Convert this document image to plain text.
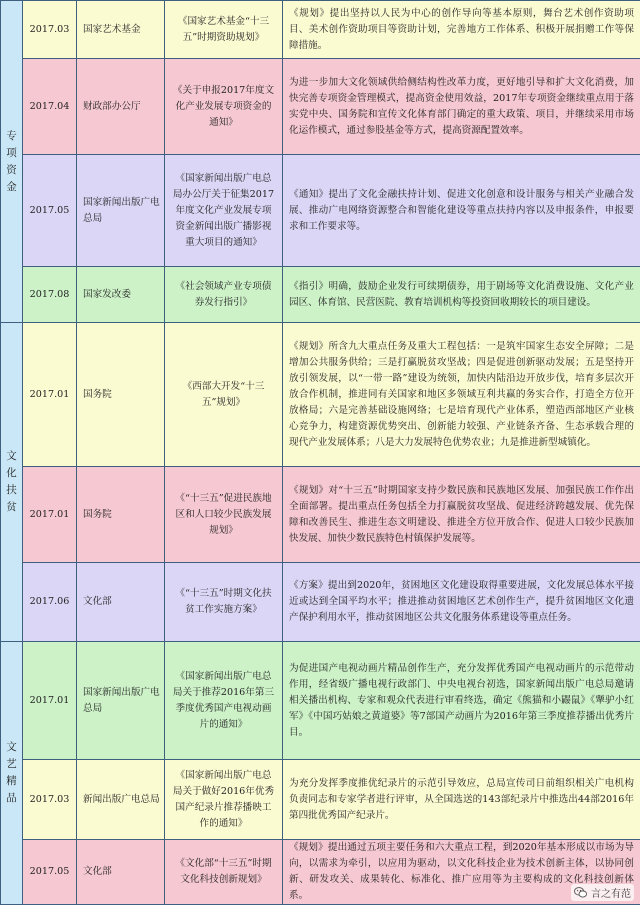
专项资金	2017.03	国家艺术基金	《国家艺术基金“十三五”时期资助规划》	《规划》提出坚持以人民为中心的创作导向等基本原则，舞台艺术创作资助项目、美术创作资助项目等资助计划，完善地方工作体系、积极开展捐赠工作等保障措施。
	2017.04	财政部办公厅	《关于申报2017年度文化产业发展专项资金的通知》	为进一步加大文化领域供给侧结构性改革力度，更好地引导和扩大文化消费，加快完善专项资金管理模式，提高资金使用效益，2017年专项资金继续重点用于落实党中央、国务院和宣传文化体育部门确定的重大政策、项目，并继续采用市场化运作模式，通过参股基金等方式，提高资源配置效率。
	2017.05	国家新闻出版广电总局	《国家新闻出版广电总局办公厅关于征集2017年度文化产业发展专项资金新闻出版广播影视重大项目的通知》	《通知》提出了文化金融扶持计划、促进文化创意和设计服务与相关产业融合发展、推动广电网络资源整合和智能化建设等重点扶持内容以及申报条件，申报要求和工作要求等。
	2017.08	国家发改委	《社会领域产业专项债券发行指引》	《指引》明确，鼓励企业发行可续期债券，用于剧场等文化消费设施、文化产业园区、体育馆、民营医院、教育培训机构等投资回收期较长的项目建设。
文化扶贫	2017.01	国务院	《西部大开发“十三五”规划》	《规划》所含九大重点任务及重大工程包括：一是筑牢国家生态安全屏障；二是增加公共服务供给；三是打赢脱贫攻坚战；四是促进创新驱动发展；五是坚持开放引领发展，以“一带一路”建设为统领，加快内陆沿边开放步伐，培育多层次开放合作机制，推进同有关国家和地区多领域互利共赢的务实合作，打造全方位开放格局；六是完善基础设施网络；七是培育现代产业体系，塑造西部地区产业核心竞争力，构建资源优势突出、创新能力较强、产业链条齐备、生态承载合理的现代产业发展体系；八是大力发展特色优势农业；九是推进新型城镇化。
	2017.01	国务院	《“十三五”促进民族地区和人口较少民族发展规划》	《规划》对“十三五”时期国家支持少数民族和民族地区发展、加强民族工作作出全面部署。提出重点任务包括全力打赢脱贫攻坚战、促进经济跨越发展、优先保障和改善民生、推进生态文明建设、推进全方位开放合作、促进人口较少民族加快发展、加快少数民族特色村镇保护发展等。
	2017.06	文化部	《“十三五”时期文化扶贫工作实施方案》	《方案》提出到2020年，贫困地区文化建设取得重要进展，文化发展总体水平接近或达到全国平均水平；推进推动贫困地区艺术创作生产，提升贫困地区文化遗产保护利用水平，推动贫困地区公共文化服务体系建设等重点任务。
文艺精品	2017.01	国家新闻出版广电总局	《国家新闻出版广电总局关于推荐2016年第三季度优秀国产电视动画片的通知》	为促进国产电视动画片精品创作生产，充分发挥优秀国产电视动画片的示范带动作用，经省级广播电视行政部门、中央电视台初选，国家新闻出版广电总局邀请相关播出机构、专家和观众代表进行审看终选，确定《熊猫和小鼹鼠》《犟驴小红军》《中国巧姑娘之黄道婆》等7部国产动画片为2016年第三季度推荐播出优秀片目。
	2017.03	新闻出版广电总局	《国家新闻出版广电总局关于做好2016年优秀国产纪录片推荐播映工作的通知》	为充分发挥季度推优纪录片的示范引导效应，总局宣传司日前组织相关广电机构负责同志和专家学者进行评审，从全国选送的143部纪录片中推选出44部2016年第四批优秀国产纪录片。
	2017.05	文化部	《文化部“十三五”时期文化科技创新规划》	《规划》提出通过五项主要任务和六大重点工程，到2020年基本形成以市场为导向，以需求为牵引，以应用为驱动，以文化科技企业为技术创新主体，以协同创新、研发攻关、成果转化、标准化、推广应用等为主要构成的文化科技创新体系。	言之有范
